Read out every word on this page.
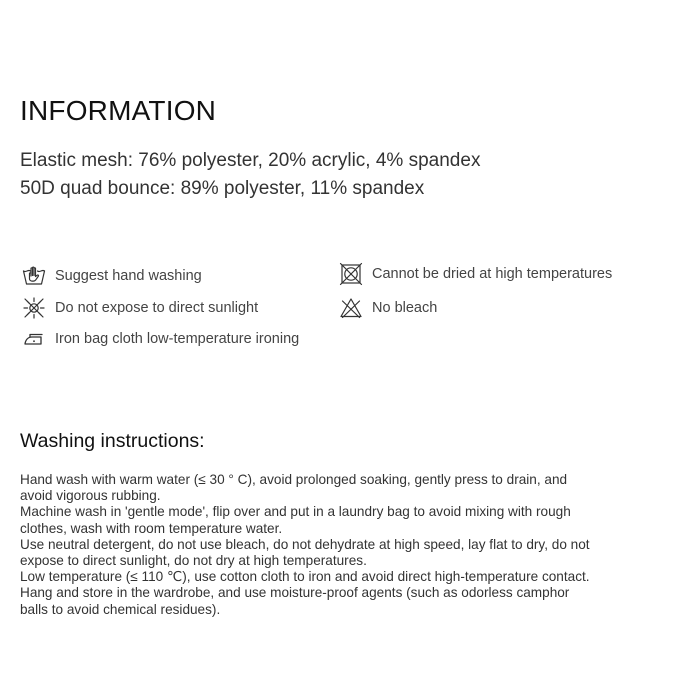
INFORMATION
Elastic mesh: 76% polyester, 20% acrylic, 4% spandex
50D quad bounce: 89% polyester, 11% spandex
Suggest hand washing
Do not expose to direct sunlight
Iron bag cloth low-temperature ironing
Cannot be dried at high temperatures
No bleach
Washing instructions:

Hand wash with warm water (≤ 30 ° C), avoid prolonged soaking, gently press to drain, and

avoid vigorous rubbing.

Machine wash in 'gentle mode', flip over and put in a laundry bag to avoid mixing with rough

clothes, wash with room temperature water.

Use neutral detergent, do not use bleach, do not dehydrate at high speed, lay flat to dry, do not

expose to direct sunlight, do not dry at high temperatures.

Low temperature (≤ 110 ℃), use cotton cloth to iron and avoid direct high-temperature contact.

Hang and store in the wardrobe, and use moisture-proof agents (such as odorless camphor

balls to avoid chemical residues).
